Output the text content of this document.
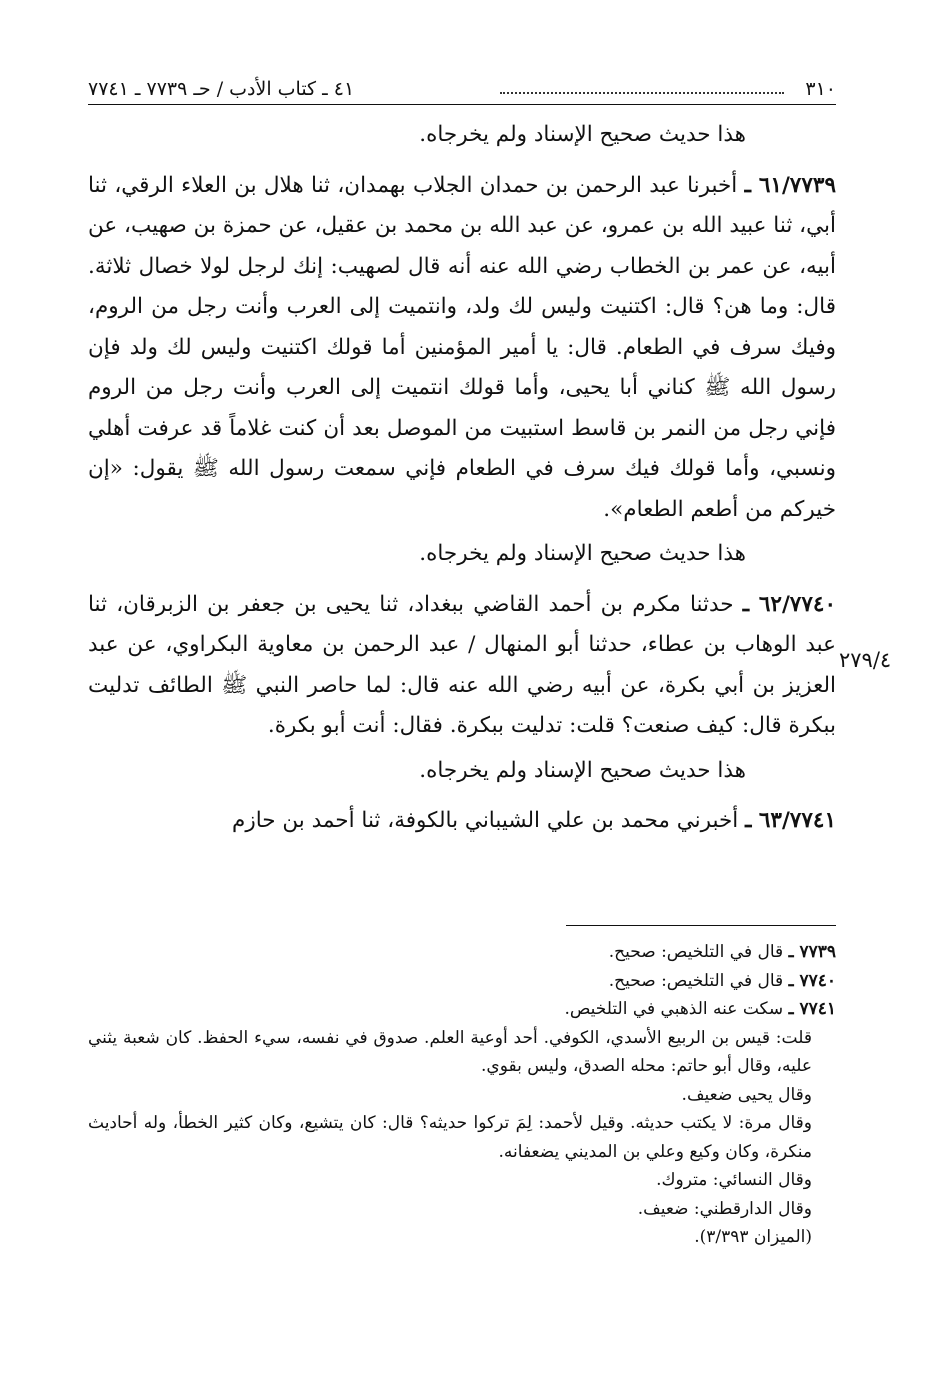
٣١٠
٤١ ـ كتاب الأدب / حـ ٧٧٣٩ ـ ٧٧٤١

هذا حديث صحيح الإسناد ولم يخرجاه.

٦١/٧٧٣٩ ـ أخبرنا عبد الرحمن بن حمدان الجلاب بهمدان، ثنا هلال بن العلاء الرقي، ثنا أبي، ثنا عبيد الله بن عمرو، عن عبد الله بن محمد بن عقيل، عن حمزة بن صهيب، عن أبيه، عن عمر بن الخطاب رضي الله عنه أنه قال لصهيب: إنك لرجل لولا خصال ثلاثة. قال: وما هن؟ قال: اكتنيت وليس لك ولد، وانتميت إلى العرب وأنت رجل من الروم، وفيك سرف في الطعام. قال: يا أمير المؤمنين أما قولك اكتنيت وليس لك ولد فإن رسول الله ﷺ كناني أبا يحيى، وأما قولك انتميت إلى العرب وأنت رجل من الروم فإني رجل من النمر بن قاسط استبيت من الموصل بعد أن كنت غلاماً قد عرفت أهلي ونسبي، وأما قولك فيك سرف في الطعام فإني سمعت رسول الله ﷺ يقول: «إن خيركم من أطعم الطعام».

هذا حديث صحيح الإسناد ولم يخرجاه.

٦٢/٧٧٤٠ ـ حدثنا مكرم بن أحمد القاضي ببغداد، ثنا يحيى بن جعفر بن الزبرقان، ثنا عبد الوهاب بن عطاء، حدثنا أبو المنهال / عبد الرحمن بن معاوية البكراوي، عن عبد العزيز بن أبي بكرة، عن أبيه رضي الله عنه قال: لما حاصر النبي ﷺ الطائف تدليت ببكرة قال: كيف صنعت؟ قلت: تدليت ببكرة. فقال: أنت أبو بكرة.

هذا حديث صحيح الإسناد ولم يخرجاه.

٦٣/٧٧٤١ ـ أخبرني محمد بن علي الشيباني بالكوفة، ثنا أحمد بن حازم

٢٧٩/٤

٧٧٣٩ ـ قال في التلخيص: صحيح.

٧٧٤٠ ـ قال في التلخيص: صحيح.

٧٧٤١ ـ سكت عنه الذهبي في التلخيص.

قلت: قيس بن الربيع الأسدي، الكوفي. أحد أوعية العلم. صدوق في نفسه، سيء الحفظ. كان شعبة يثني عليه، وقال أبو حاتم: محله الصدق، وليس بقوي.

وقال يحيى ضعيف.

وقال مرة: لا يكتب حديثه. وقيل لأحمد: لِمَ تركوا حديثه؟ قال: كان يتشيع، وكان كثير الخطأ، وله أحاديث منكرة، وكان وكيع وعلي بن المديني يضعفانه.

وقال النسائي: متروك.

وقال الدارقطني: ضعيف.

(الميزان ٣/٣٩٣).
